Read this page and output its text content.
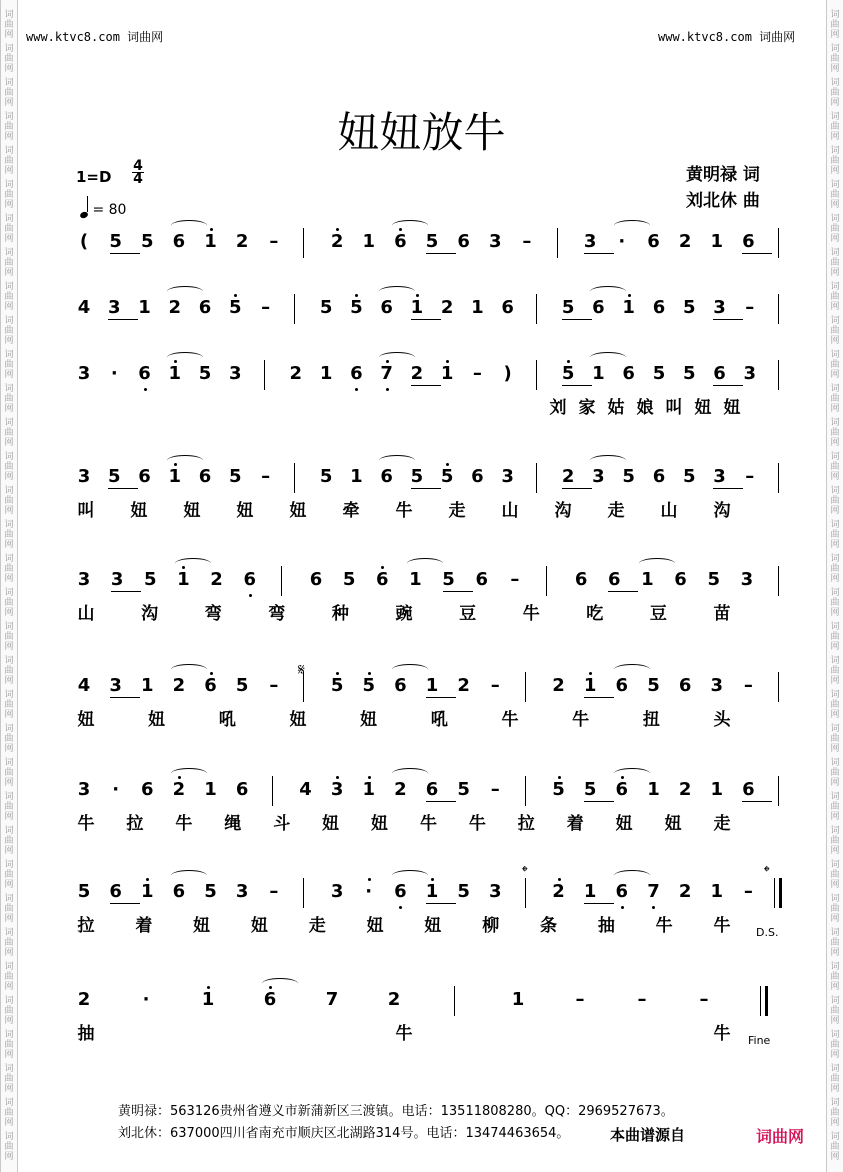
词
曲
网
词
曲
网
词
曲
网
词
曲
网
词
曲
网
词
曲
网
词
曲
网
词
曲
网
词
曲
网
词
曲
网
词
曲
网
词
曲
网
词
曲
网
词
曲
网
词
曲
网
词
曲
网
词
曲
网
词
曲
网
词
曲
网
词
曲
网
词
曲
网
词
曲
网
词
曲
网
词
曲
网
词
曲
网
词
曲
网
词
曲
网
词
曲
网
词
曲
网
词
曲
网
词
曲
网
词
曲
网
词
曲
网
词
曲
网
词
曲
网
词
曲
网
词
曲
网
词
曲
网
词
曲
网
词
曲
网
词
曲
网
词
曲
网
词
曲
网
词
曲
网
词
曲
网
词
曲
网
词
曲
网
词
曲
网
词
曲
网
词
曲
网
词
曲
网
词
曲
网
词
曲
网
词
曲
网
词
曲
网
词
曲
网
词
曲
网
词
曲
网
词
曲
网
词
曲
网
词
曲
网
词
曲
网
词
曲
网
词
曲
网
词
曲
网
词
曲
网
词
曲
网
词
曲
网
www.ktvc8.com 词曲网	www.ktvc8.com 词曲网
妞妞放牛
1=D
4
4
= 80
黄明禄 词
刘北休 曲
( 5 5 6 1 2 –	2 1 6 5 6 3 –	3 · 6 2 1 6
4 3 1 2 6 5 –	5 5 6 1 2 1 6	5 6 1 6 5 3 –
3 · 6 1 5 3	2 1 6 7 2 1 – )	5 1 6 5 5 6 3
刘 家 姑 娘 叫 妞 妞
3 5 6 1 6 5 –	5 1 6 5 5 6 3	2 3 5 6 5 3 –
叫 妞 妞 妞 妞 牵 牛 走 山 沟 走 山 沟
3 3 5 1 2 6	6 5 6 1 5 6 –	6 6 1 6 5 3
山	沟	弯	弯	种	豌	豆	牛	吃	豆	苗
4 3 1 2 6 5 –	5 5 6 1 2 –	2 1 6 5 6 3 –
妞	妞	吼	妞	妞	吼	牛	牛	扭	头
3 · 6 2 1 6	4 3 1 2 6 5 –	5 5 6 1 2 1 6
牛 拉 牛 绳 斗 妞 妞 牛 牛 拉 着 妞 妞 走
5 6 1 6 5 3 –	3 · 6 1 5 3	2 1 6 7 2 1 –
拉 着 妞 妞 走 妞 妞 柳 条 抽 牛 牛
2	·	1	6	7	2	1	–	–	–
抽	牛	牛
𝄋
𝄌	𝄌
D.S.
Fine
黄明禄：563126贵州省遵义市新蒲新区三渡镇。电话：13511808280。QQ：2969527673。
刘北休：637000四川省南充市顺庆区北湖路314号。电话：13474463654。	本曲谱源自	词曲网
